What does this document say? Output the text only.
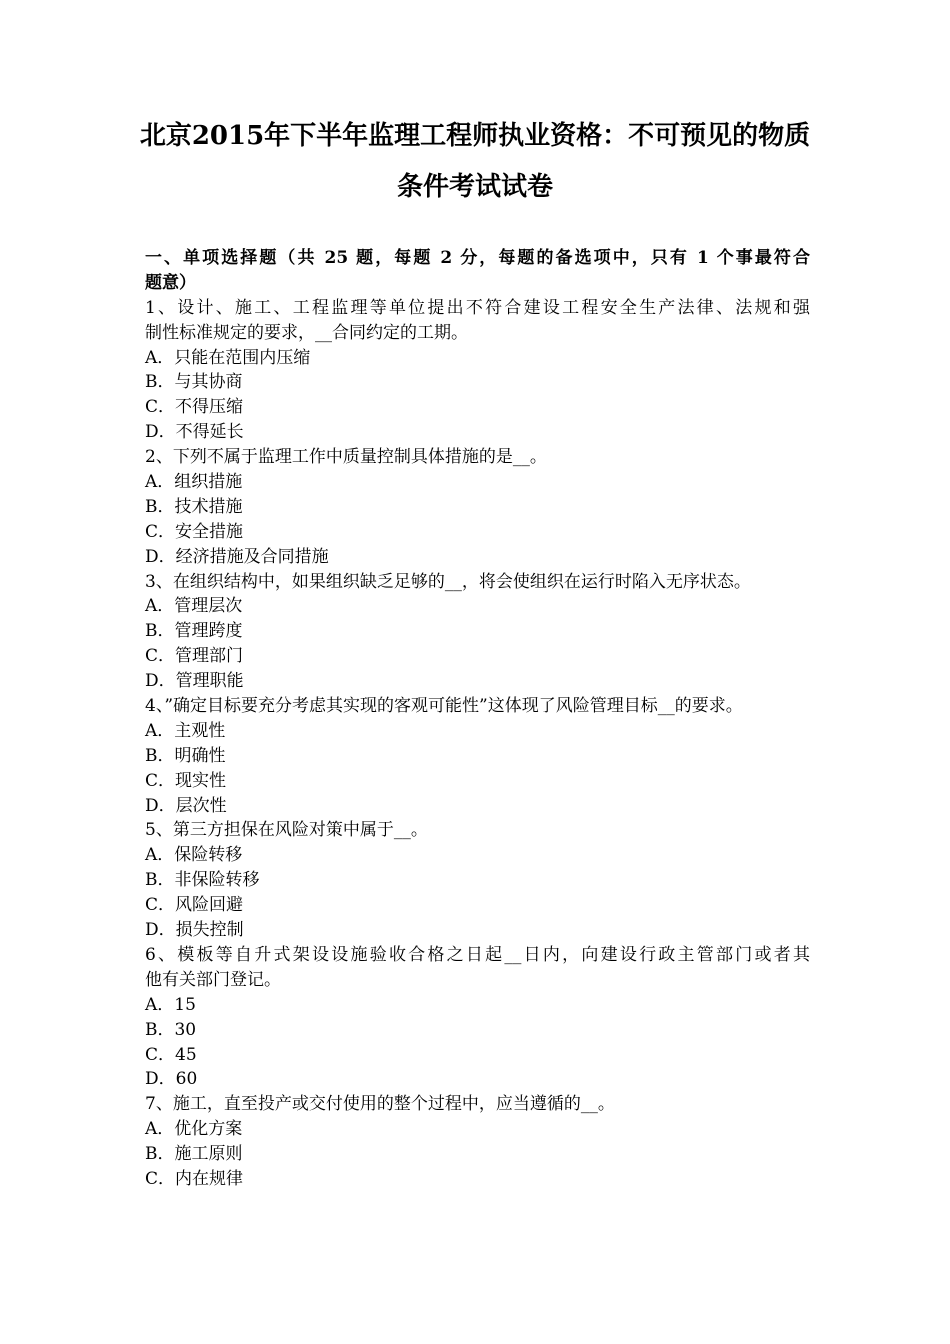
北京2015年下半年监理工程师执业资格：不可预见的物质
条件考试试卷
一、单项选择题（共 25 题，每题 2 分，每题的备选项中，只有 1 个事最符合
题意）
1、设计、施工、工程监理等单位提出不符合建设工程安全生产法律、法规和强
制性标准规定的要求，__合同约定的工期。
A．只能在范围内压缩
B．与其协商
C．不得压缩
D．不得延长
2、下列不属于监理工作中质量控制具体措施的是__。
A．组织措施
B．技术措施
C．安全措施
D．经济措施及合同措施
3、在组织结构中，如果组织缺乏足够的__，将会使组织在运行时陷入无序状态。
A．管理层次
B．管理跨度
C．管理部门
D．管理职能
4、”确定目标要充分考虑其实现的客观可能性”这体现了风险管理目标__的要求。
A．主观性
B．明确性
C．现实性
D．层次性
5、第三方担保在风险对策中属于__。
A．保险转移
B．非保险转移
C．风险回避
D．损失控制
6、模板等自升式架设设施验收合格之日起__日内，向建设行政主管部门或者其
他有关部门登记。
A．15
B．30
C．45
D．60
7、施工，直至投产或交付使用的整个过程中，应当遵循的__。
A．优化方案
B．施工原则
C．内在规律
